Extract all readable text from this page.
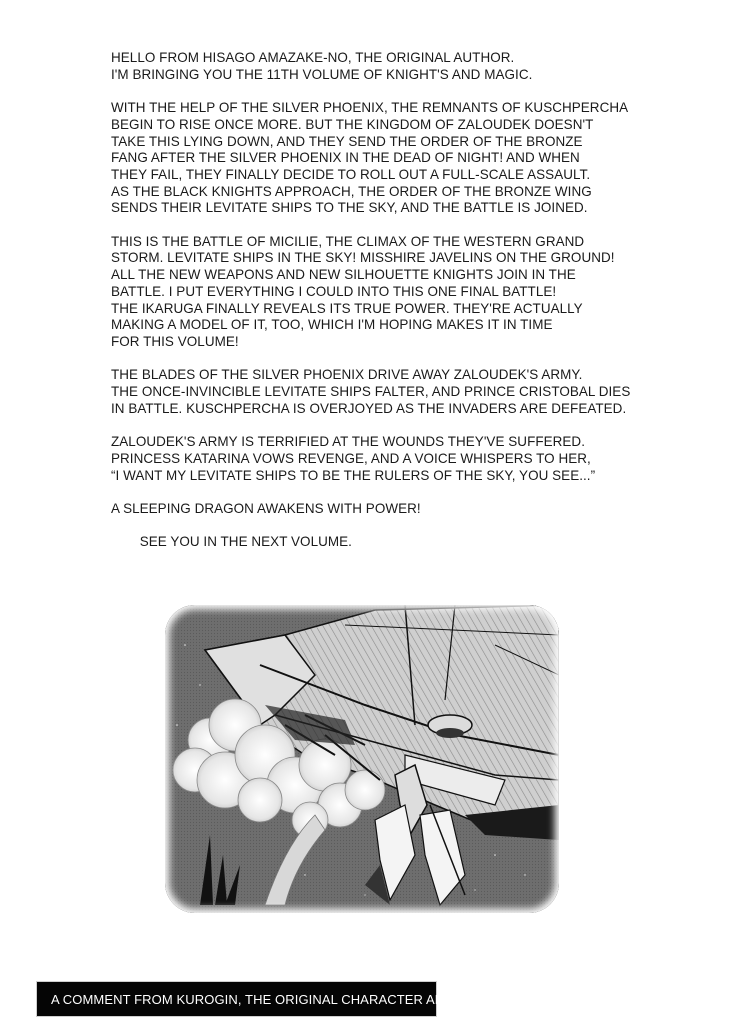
HELLO FROM HISAGO AMAZAKE-NO, THE ORIGINAL AUTHOR.
I'M BRINGING YOU THE 11TH VOLUME OF KNIGHT'S AND MAGIC.

WITH THE HELP OF THE SILVER PHOENIX, THE REMNANTS OF KUSCHPERCHA
BEGIN TO RISE ONCE MORE. BUT THE KINGDOM OF ZALOUDEK DOESN'T
TAKE THIS LYING DOWN, AND THEY SEND THE ORDER OF THE BRONZE
FANG AFTER THE SILVER PHOENIX IN THE DEAD OF NIGHT! AND WHEN
THEY FAIL, THEY FINALLY DECIDE TO ROLL OUT A FULL-SCALE ASSAULT.
AS THE BLACK KNIGHTS APPROACH, THE ORDER OF THE BRONZE WING
SENDS THEIR LEVITATE SHIPS TO THE SKY, AND THE BATTLE IS JOINED.

THIS IS THE BATTLE OF MICILIE, THE CLIMAX OF THE WESTERN GRAND
STORM. LEVITATE SHIPS IN THE SKY! MISSHIRE JAVELINS ON THE GROUND!
ALL THE NEW WEAPONS AND NEW SILHOUETTE KNIGHTS JOIN IN THE
BATTLE. I PUT EVERYTHING I COULD INTO THIS ONE FINAL BATTLE!
THE IKARUGA FINALLY REVEALS ITS TRUE POWER. THEY'RE ACTUALLY
MAKING A MODEL OF IT, TOO, WHICH I'M HOPING MAKES IT IN TIME
FOR THIS VOLUME!

THE BLADES OF THE SILVER PHOENIX DRIVE AWAY ZALOUDEK'S ARMY.
THE ONCE-INVINCIBLE LEVITATE SHIPS FALTER, AND PRINCE CRISTOBAL DIES
IN BATTLE. KUSCHPERCHA IS OVERJOYED AS THE INVADERS ARE DEFEATED.

ZALOUDEK'S ARMY IS TERRIFIED AT THE WOUNDS THEY'VE SUFFERED.
PRINCESS KATARINA VOWS REVENGE, AND A VOICE WHISPERS TO HER,
“I WANT MY LEVITATE SHIPS TO BE THE RULERS OF THE SKY, YOU SEE...”

A SLEEPING DRAGON AWAKENS WITH POWER!

SEE YOU IN THE NEXT VOLUME.

A COMMENT FROM KUROGIN, THE ORIGINAL CHARACTER ARTIST
